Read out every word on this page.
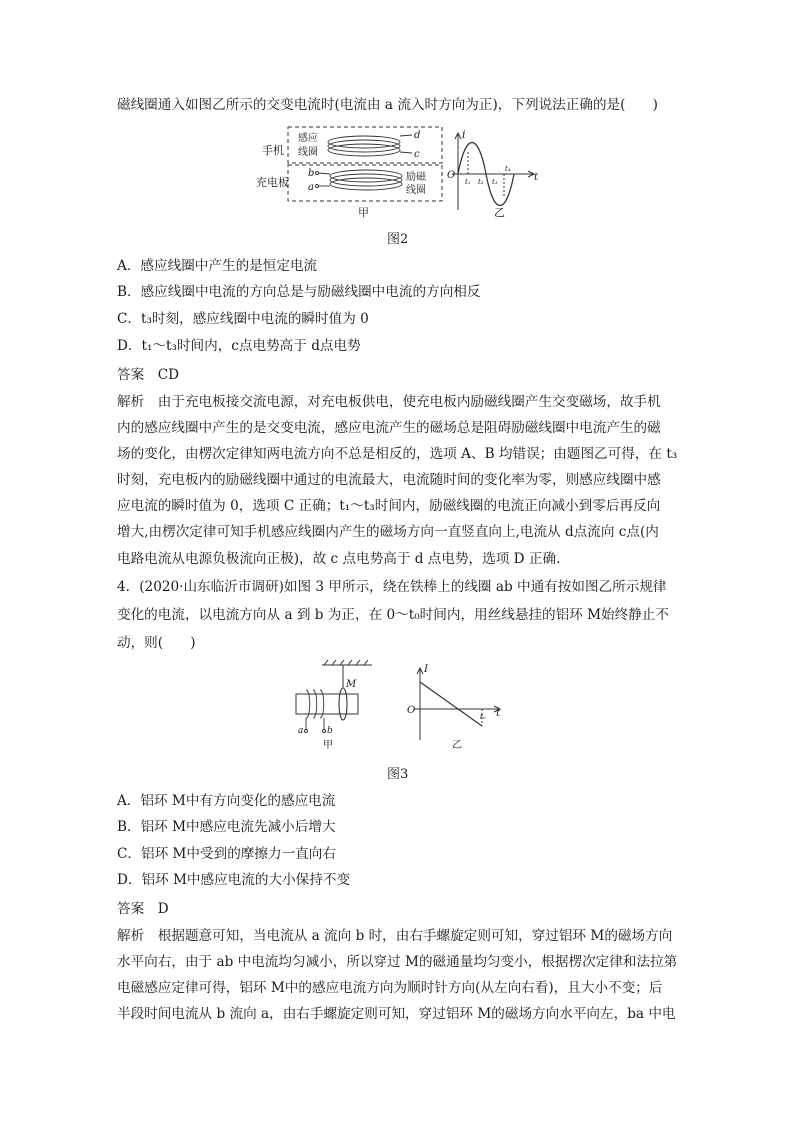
磁线圈通入如图乙所示的交变电流时(电流由 a 流入时方向为正)，下列说法正确的是(　　)
手机
充电板
感应
线圈
d
c
b
a
励磁
线圈
甲
i
t
O
t₁ t₂ t₃
t₄
乙
图2
A．感应线圈中产生的是恒定电流
B．感应线圈中电流的方向总是与励磁线圈中电流的方向相反
C．t₃时刻，感应线圈中电流的瞬时值为 0
D．t₁～t₃时间内，c点电势高于 d点电势
答案　CD
解析　由于充电板接交流电源，对充电板供电，使充电板内励磁线圈产生交变磁场，故手机
内的感应线圈中产生的是交变电流，感应电流产生的磁场总是阻碍励磁线圈中电流产生的磁
场的变化，由楞次定律知两电流方向不总是相反的，选项 A、B 均错误；由题图乙可得，在 t₃
时刻，充电板内的励磁线圈中通过的电流最大，电流随时间的变化率为零，则感应线圈中感
应电流的瞬时值为 0，选项 C 正确；t₁～t₃时间内，励磁线圈的电流正向减小到零后再反向
增大,由楞次定律可知手机感应线圈内产生的磁场方向一直竖直向上,电流从 d点流向 c点(内
电路电流从电源负极流向正极)，故 c 点电势高于 d 点电势，选项 D 正确.
4．(2020·山东临沂市调研)如图 3 甲所示，绕在铁棒上的线圈 ab 中通有按如图乙所示规律
变化的电流，以电流方向从 a 到 b 为正，在 0～t₀时间内，用丝线悬挂的铝环 M始终静止不
动，则(　　)
M
a	b
甲
I
t
O
t₀
乙
图3
A．铝环 M中有方向变化的感应电流
B．铝环 M中感应电流先减小后增大
C．铝环 M中受到的摩擦力一直向右
D．铝环 M中感应电流的大小保持不变
答案　D
解析　根据题意可知，当电流从 a 流向 b 时，由右手螺旋定则可知，穿过铝环 M的磁场方向
水平向右，由于 ab 中电流均匀减小，所以穿过 M的磁通量均匀变小，根据楞次定律和法拉第
电磁感应定律可得，铝环 M中的感应电流方向为顺时针方向(从左向右看)，且大小不变；后
半段时间电流从 b 流向 a，由右手螺旋定则可知，穿过铝环 M的磁场方向水平向左，ba 中电
